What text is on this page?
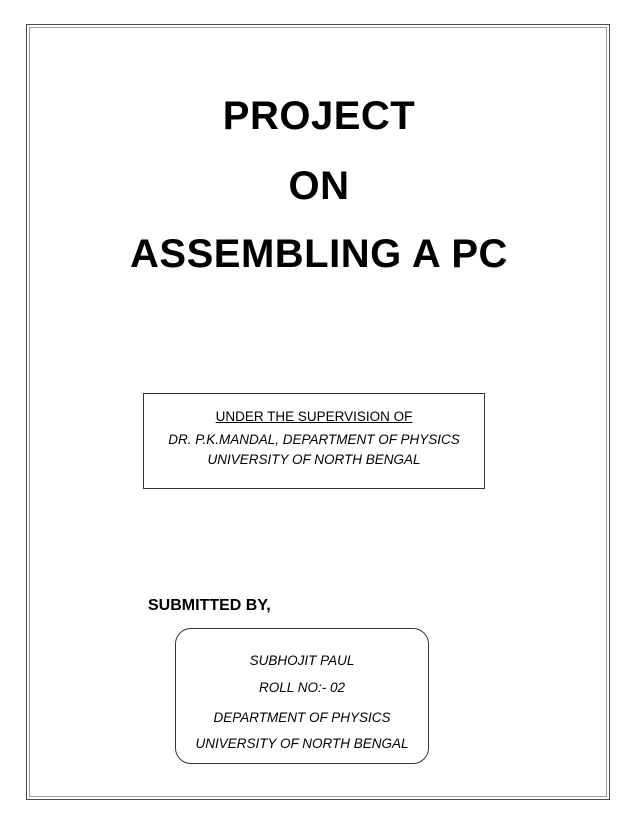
PROJECT
ON
ASSEMBLING A PC
UNDER THE SUPERVISION OF
DR. P.K.MANDAL, DEPARTMENT OF PHYSICS
UNIVERSITY OF NORTH BENGAL
SUBMITTED BY,
SUBHOJIT PAUL
ROLL NO:- 02
DEPARTMENT OF PHYSICS
UNIVERSITY OF NORTH BENGAL
